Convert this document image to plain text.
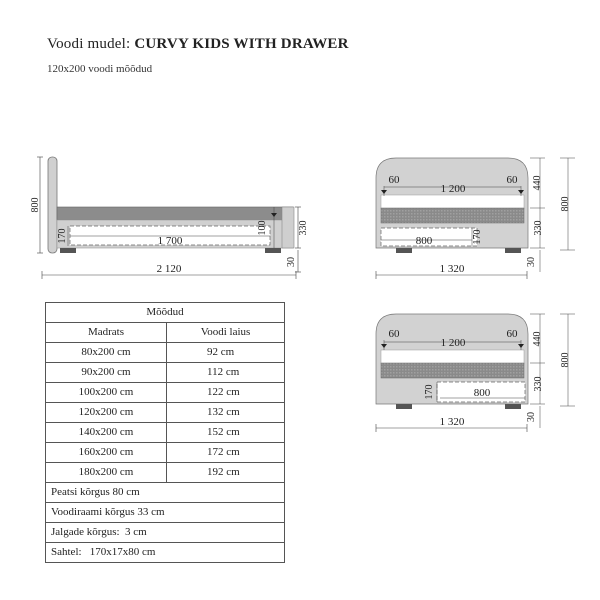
Voodi mudel: CURVY KIDS WITH DRAWER
120x200 voodi mõõdud
800
170	1 700
100	330
30
2 120
60	60
1 200	440
330
800
800	170
30
1 320
60	60
1 200	440
330
800
170	800
30
1 320
Mõõdud	
Madrats	Voodi laius
80x200 cm	92 cm
90x200 cm	112 cm
100x200 cm	122 cm
120x200 cm	132 cm
140x200 cm	152 cm
160x200 cm	172 cm
180x200 cm	192 cm
Peatsi kõrgus 80 cm	
Voodiraami kõrgus 33 cm	
Jalgade kõrgus:  3 cm	
Sahtel:   170x17x80 cm	
